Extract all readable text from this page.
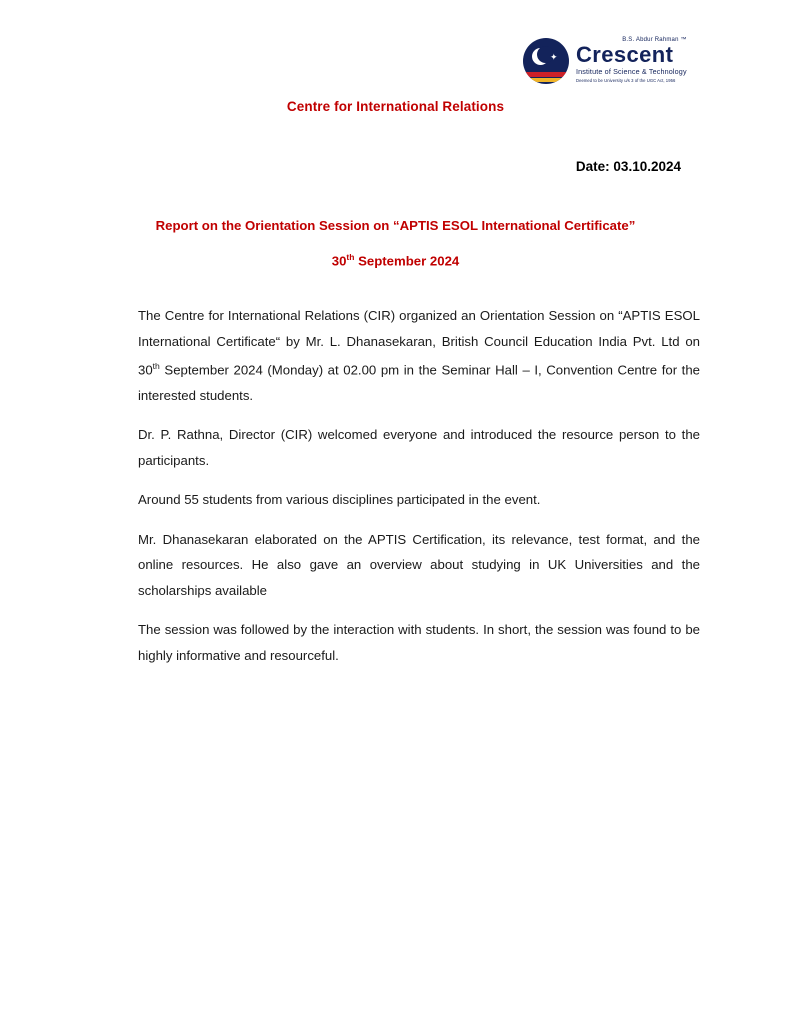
✦
B.S. Abdur Rahman ™
Crescent
Institute of Science & Technology
Deemed to be University u/s 3 of the UGC Act, 1956
Centre for International Relations
Date: 03.10.2024
Report on the Orientation Session on “APTIS ESOL International Certificate”
30th September 2024

The Centre for International Relations (CIR) organized an Orientation Session on “APTIS ESOL International Certificate“ by Mr. L. Dhanasekaran, British Council Education India Pvt. Ltd on 30th September 2024 (Monday) at 02.00 pm in the Seminar Hall – I, Convention Centre for the interested students.

Dr. P. Rathna, Director (CIR) welcomed everyone and introduced the resource person to the participants.

Around 55 students from various disciplines participated in the event.

Mr. Dhanasekaran elaborated on the APTIS Certification, its relevance, test format, and the online resources. He also gave an overview about studying in UK Universities and the scholarships available

The session was followed by the interaction with students. In short, the session was found to be highly informative and resourceful.
